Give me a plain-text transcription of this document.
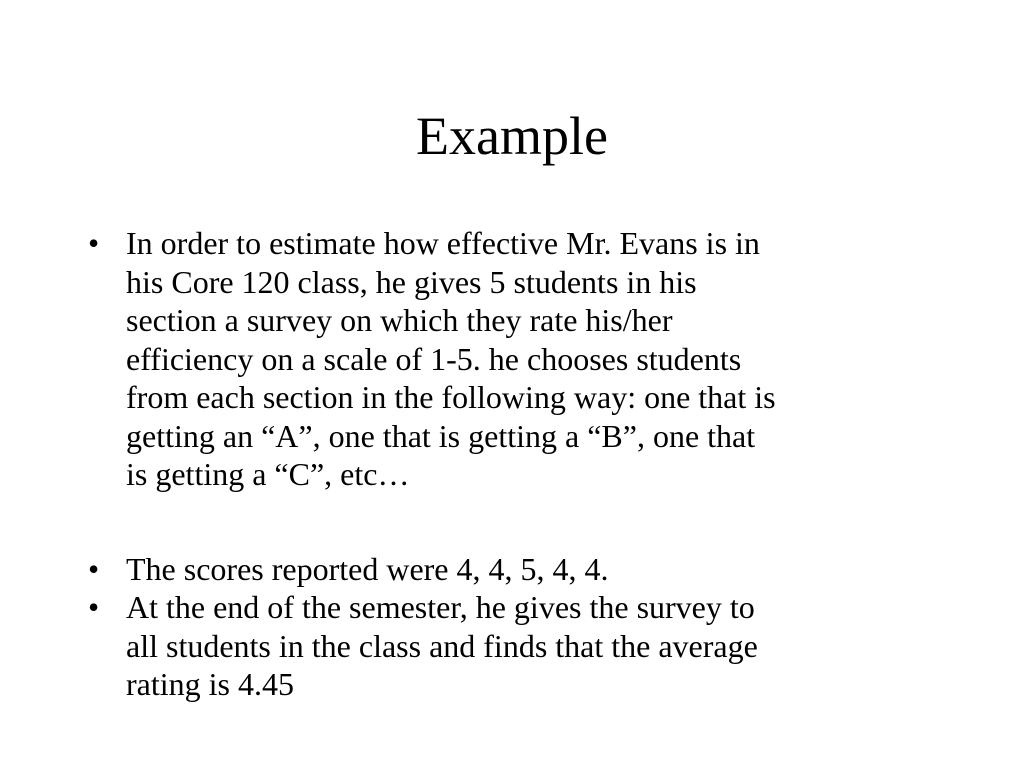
Example
• In order to estimate how effective Mr. Evans is in
his Core 120 class, he gives 5 students in his
section a survey on which they rate his/her
efficiency on a scale of 1-5. he chooses students
from each section in the following way: one that is
getting an “A”, one that is getting a “B”, one that
is getting a “C”, etc…
• The scores reported were 4, 4, 5, 4, 4.
• At the end of the semester, he gives the survey to
all students in the class and finds that the average
rating is 4.45
